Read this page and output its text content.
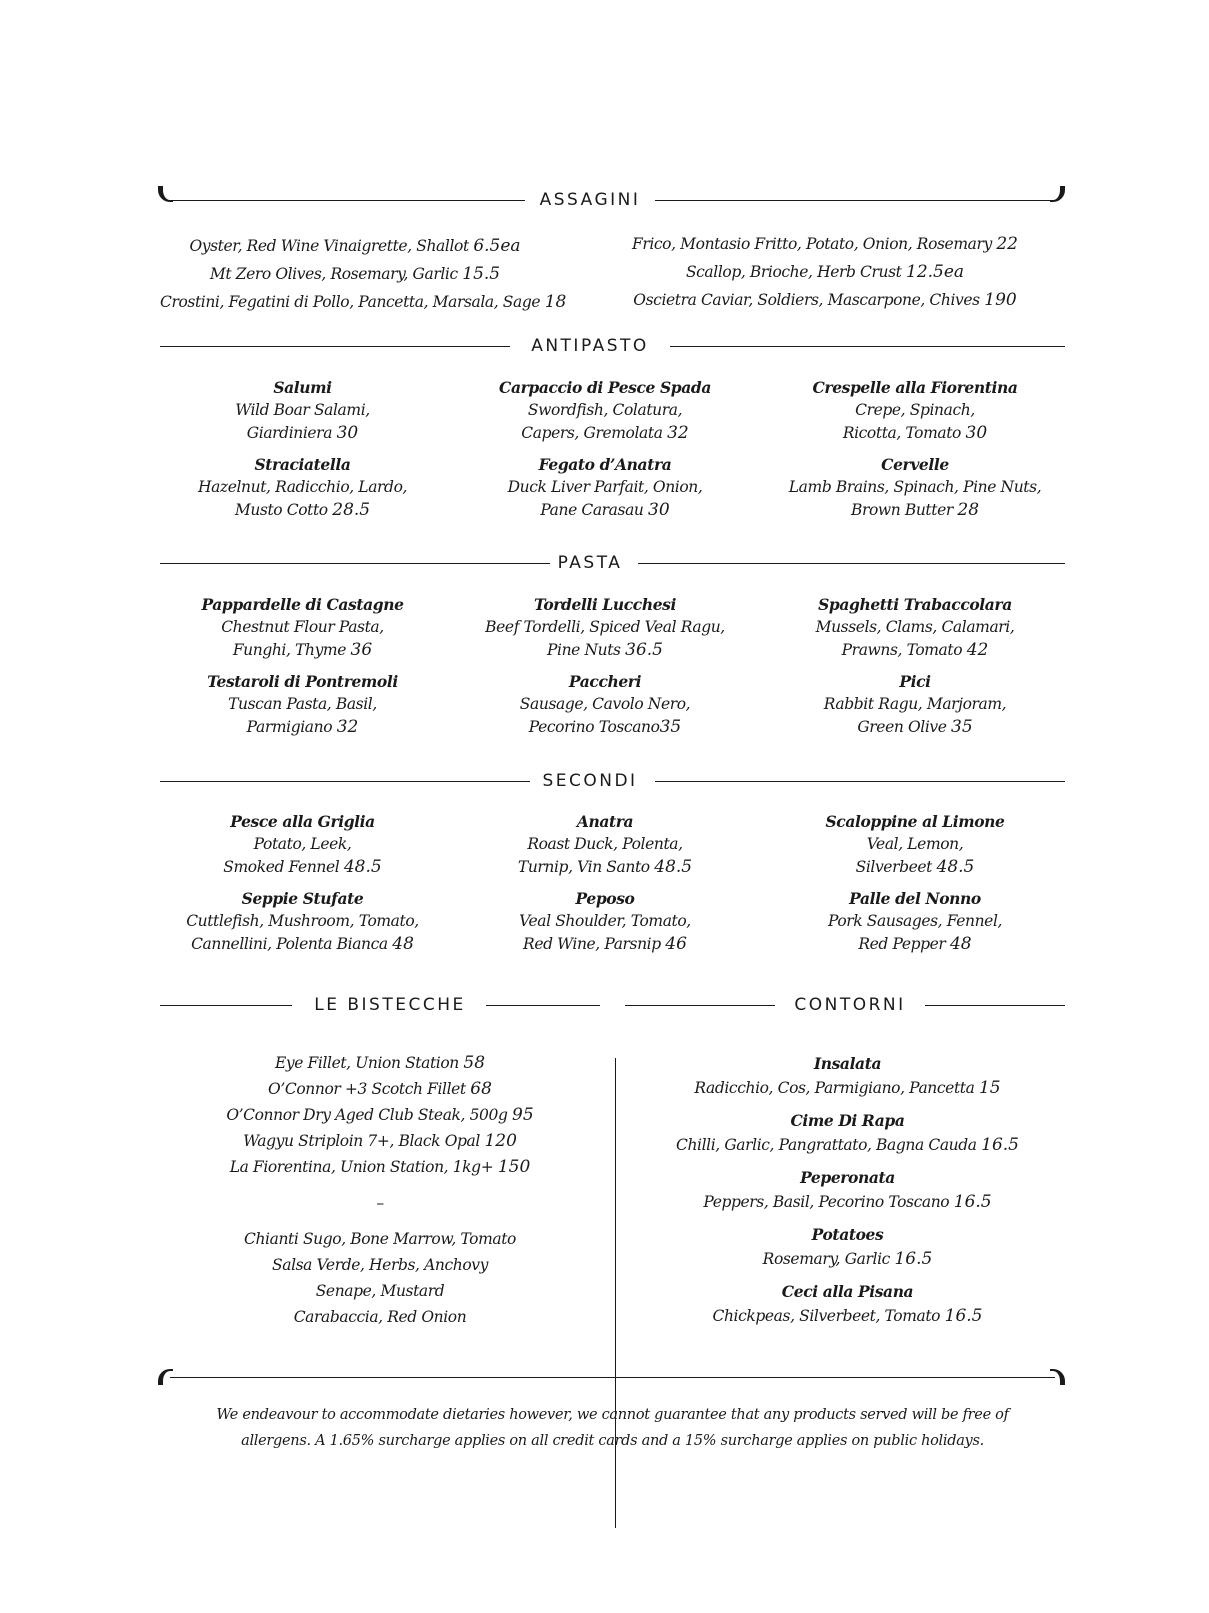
ASSAGINI
Oyster, Red Wine Vinaigrette, Shallot 6.5ea
Mt Zero Olives, Rosemary, Garlic 15.5
Crostini, Fegatini di Pollo, Pancetta, Marsala, Sage 18
Frico, Montasio Fritto, Potato, Onion, Rosemary 22
Scallop, Brioche, Herb Crust 12.5ea
Oscietra Caviar, Soldiers, Mascarpone, Chives 190
ANTIPASTO
Salumi
Wild Boar Salami,
Giardiniera 30
Straciatella
Hazelnut, Radicchio, Lardo,
Musto Cotto 28.5
Carpaccio di Pesce Spada
Swordfish, Colatura,
Capers, Gremolata 32
Fegato d’Anatra
Duck Liver Parfait, Onion,
Pane Carasau 30
Crespelle alla Fiorentina
Crepe, Spinach,
Ricotta, Tomato 30
Cervelle
Lamb Brains, Spinach, Pine Nuts,
Brown Butter 28
PASTA
Pappardelle di Castagne
Chestnut Flour Pasta,
Funghi, Thyme 36
Testaroli di Pontremoli
Tuscan Pasta, Basil,
Parmigiano 32
Tordelli Lucchesi
Beef Tordelli, Spiced Veal Ragu,
Pine Nuts 36.5
Paccheri
Sausage, Cavolo Nero,
Pecorino Toscano35
Spaghetti Trabaccolara
Mussels, Clams, Calamari,
Prawns, Tomato 42
Pici
Rabbit Ragu, Marjoram,
Green Olive 35
SECONDI
Pesce alla Griglia
Potato, Leek,
Smoked Fennel 48.5
Seppie Stufate
Cuttlefish, Mushroom, Tomato,
Cannellini, Polenta Bianca 48
Anatra
Roast Duck, Polenta,
Turnip, Vin Santo 48.5
Peposo
Veal Shoulder, Tomato,
Red Wine, Parsnip 46
Scaloppine al Limone
Veal, Lemon,
Silverbeet 48.5
Palle del Nonno
Pork Sausages, Fennel,
Red Pepper 48
LE BISTECCHE	CONTORNI
Eye Fillet, Union Station 58
O’Connor +3 Scotch Fillet 68
O’Connor Dry Aged Club Steak, 500g 95
Wagyu Striploin 7+, Black Opal 120
La Fiorentina, Union Station, 1kg+ 150
–
Chianti Sugo, Bone Marrow, Tomato
Salsa Verde, Herbs, Anchovy
Senape, Mustard
Carabaccia, Red Onion
Insalata
Radicchio, Cos, Parmigiano, Pancetta 15
Cime Di Rapa
Chilli, Garlic, Pangrattato, Bagna Cauda 16.5
Peperonata
Peppers, Basil, Pecorino Toscano 16.5
Potatoes
Rosemary, Garlic 16.5
Ceci alla Pisana
Chickpeas, Silverbeet, Tomato 16.5
We endeavour to accommodate dietaries however, we cannot guarantee that any products served will be free of
allergens. A 1.65% surcharge applies on all credit cards and a 15% surcharge applies on public holidays.
